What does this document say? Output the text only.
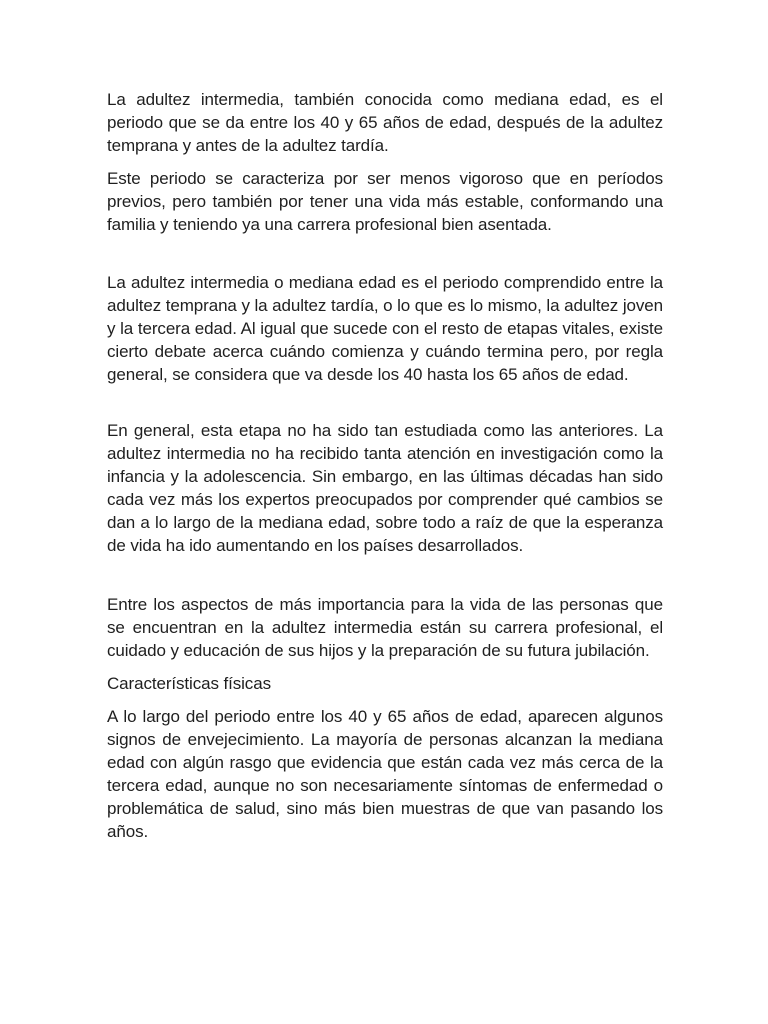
La adultez intermedia, también conocida como mediana edad, es el periodo que se da entre los 40 y 65 años de edad, después de la adultez temprana y antes de la adultez tardía.

Este periodo se caracteriza por ser menos vigoroso que en períodos previos, pero también por tener una vida más estable, conformando una familia y teniendo ya una carrera profesional bien asentada.

La adultez intermedia o mediana edad es el periodo comprendido entre la adultez temprana y la adultez tardía, o lo que es lo mismo, la adultez joven y la tercera edad. Al igual que sucede con el resto de etapas vitales, existe cierto debate acerca cuándo comienza y cuándo termina pero, por regla general, se considera que va desde los 40 hasta los 65 años de edad.

En general, esta etapa no ha sido tan estudiada como las anteriores. La adultez intermedia no ha recibido tanta atención en investigación como la infancia y la adolescencia. Sin embargo, en las últimas décadas han sido cada vez más los expertos preocupados por comprender qué cambios se dan a lo largo de la mediana edad, sobre todo a raíz de que la esperanza de vida ha ido aumentando en los países desarrollados.

Entre los aspectos de más importancia para la vida de las personas que se encuentran en la adultez intermedia están su carrera profesional, el cuidado y educación de sus hijos y la preparación de su futura jubilación.

Características físicas

A lo largo del periodo entre los 40 y 65 años de edad, aparecen algunos signos de envejecimiento. La mayoría de personas alcanzan la mediana edad con algún rasgo que evidencia que están cada vez más cerca de la tercera edad, aunque no son necesariamente síntomas de enfermedad o problemática de salud, sino más bien muestras de que van pasando los años.
